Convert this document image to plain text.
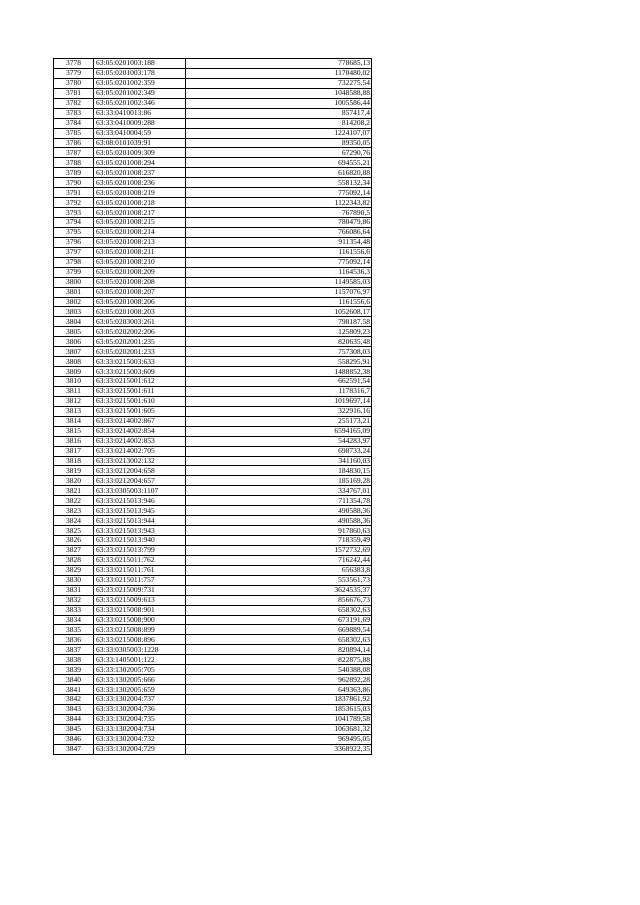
3778	63:05:0201003:188	778685,13
3779	63:05:0201003:178	1170480,02
3780	63:05:0201002:359	732275,54
3781	63:05:0201002:349	1048588,88
3782	63:05:0201002:346	1005586,44
3783	63:33:0410013:86	857417,4
3784	63:33:0410009:288	814208,2
3785	63:33:0410004:59	1224107,07
3786	63:08:0101039:91	89350,05
3787	63:05:0201009:309	67290,76
3788	63:05:0201008:294	694555,21
3789	63:05:0201008:237	616820,88
3790	63:05:0201008:236	558132,34
3791	63:05:0201008:219	775092,14
3792	63:05:0201008:218	1122343,82
3793	63:05:0201008:217	767890,5
3794	63:05:0201008:215	780479,86
3795	63:05:0201008:214	766086,64
3796	63:05:0201008:213	911354,48
3797	63:05:0201008:211	1161556,6
3798	63:05:0201008:210	775092,14
3799	63:05:0201008:209	1164536,3
3800	63:05:0201008:208	1149585,03
3801	63:05:0201008:207	1157076,97
3802	63:05:0201008:206	1161556,6
3803	63:05:0201008:203	1052608,17
3804	63:05:0203003:261	798187,58
3805	63:05:0202002:206	125809,23
3806	63:05:0202001:235	820635,48
3807	63:05:0202001:233	757308,03
3808	63:33:0215003:633	558295,91
3809	63:33:0215003:609	1488852,38
3810	63:33:0215001:612	662591,54
3811	63:33:0215001:611	1178316,7
3812	63:33:0215001:610	1019697,14
3813	63:33:0215001:605	322916,16
3814	63:33:0214002:867	255173,21
3815	63:33:0214002:854	6594165,09
3816	63:33:0214002:853	544283,97
3817	63:33:0214002:705	698733,24
3818	63:33:0213002:132	341160,03
3819	63:33:0212004:658	184830,15
3820	63:33:0212004:657	185169,28
3821	63:33:0305003:1107	334767,01
3822	63:33:0215013:946	711354,78
3823	63:33:0215013:945	490588,36
3824	63:33:0215013:944	490588,36
3825	63:33:0215013:943	917860,63
3826	63:33:0215013:940	718359,49
3827	63:33:0215013:799	1572732,69
3828	63:33:0215011:762	716242,44
3829	63:33:0215011:761	656383,8
3830	63:33:0215011:757	553561,73
3831	63:33:0215009:731	3624535,37
3832	63:33:0215009:613	856676,73
3833	63:33:0215008:901	658302,63
3834	63:33:0215008:900	673191,69
3835	63:33:0215008:899	669889,54
3836	63:33:0215008:896	658302,63
3837	63:33:0305003:1228	820894,14
3838	63:33:1405001:122	822875,88
3839	63:33:1302005:705	540388,08
3840	63:33:1302005:666	962892,28
3841	63:33:1302005:659	649363,86
3842	63:33:1302004:737	1837861,92
3843	63:33:1302004:736	1853615,03
3844	63:33:1302004:735	1041789,58
3845	63:33:1302004:734	1063681,32
3846	63:33:1302004:732	969495,05
3847	63:33:1302004:729	3368922,35
